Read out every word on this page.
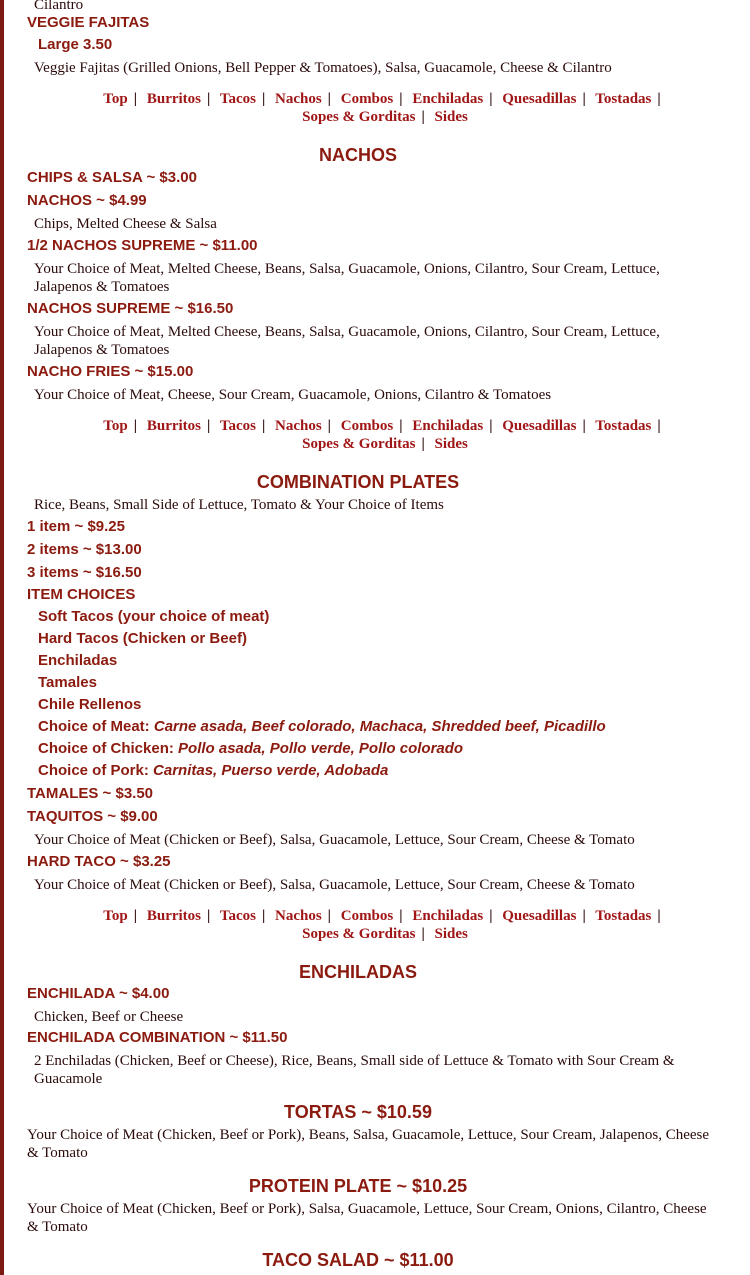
Cilantro
VEGGIE FAJITAS
Large 3.50
Veggie Fajitas (Grilled Onions, Bell Pepper & Tomatoes), Salsa, Guacamole, Cheese & Cilantro
Top | Burritos | Tacos | Nachos | Combos | Enchiladas | Quesadillas | Tostadas |
Sopes & Gorditas | Sides
NACHOS
CHIPS & SALSA ~ $3.00
NACHOS ~ $4.99
Chips, Melted Cheese & Salsa
1/2 NACHOS SUPREME ~ $11.00
Your Choice of Meat, Melted Cheese, Beans, Salsa, Guacamole, Onions, Cilantro, Sour Cream, Lettuce, Jalapenos & Tomatoes
NACHOS SUPREME ~ $16.50
Your Choice of Meat, Melted Cheese, Beans, Salsa, Guacamole, Onions, Cilantro, Sour Cream, Lettuce, Jalapenos & Tomatoes
NACHO FRIES ~ $15.00
Your Choice of Meat, Cheese, Sour Cream, Guacamole, Onions, Cilantro & Tomatoes
Top | Burritos | Tacos | Nachos | Combos | Enchiladas | Quesadillas | Tostadas |
Sopes & Gorditas | Sides
COMBINATION PLATES
Rice, Beans, Small Side of Lettuce, Tomato & Your Choice of Items
1 item ~ $9.25
2 items ~ $13.00
3 items ~ $16.50
ITEM CHOICES
Soft Tacos (your choice of meat)
Hard Tacos (Chicken or Beef)
Enchiladas
Tamales
Chile Rellenos
Choice of Meat: Carne asada, Beef colorado, Machaca, Shredded beef, Picadillo
Choice of Chicken: Pollo asada, Pollo verde, Pollo colorado
Choice of Pork: Carnitas, Puerso verde, Adobada
TAMALES ~ $3.50
TAQUITOS ~ $9.00
Your Choice of Meat (Chicken or Beef), Salsa, Guacamole, Lettuce, Sour Cream, Cheese & Tomato
HARD TACO ~ $3.25
Your Choice of Meat (Chicken or Beef), Salsa, Guacamole, Lettuce, Sour Cream, Cheese & Tomato
Top | Burritos | Tacos | Nachos | Combos | Enchiladas | Quesadillas | Tostadas |
Sopes & Gorditas | Sides
ENCHILADAS
ENCHILADA ~ $4.00
Chicken, Beef or Cheese
ENCHILADA COMBINATION ~ $11.50
2 Enchiladas (Chicken, Beef or Cheese), Rice, Beans, Small side of Lettuce & Tomato with Sour Cream & Guacamole
TORTAS ~ $10.59
Your Choice of Meat (Chicken, Beef or Pork), Beans, Salsa, Guacamole, Lettuce, Sour Cream, Jalapenos, Cheese & Tomato
PROTEIN PLATE ~ $10.25
Your Choice of Meat (Chicken, Beef or Pork), Salsa, Guacamole, Lettuce, Sour Cream, Onions, Cilantro, Cheese & Tomato
TACO SALAD ~ $11.00
